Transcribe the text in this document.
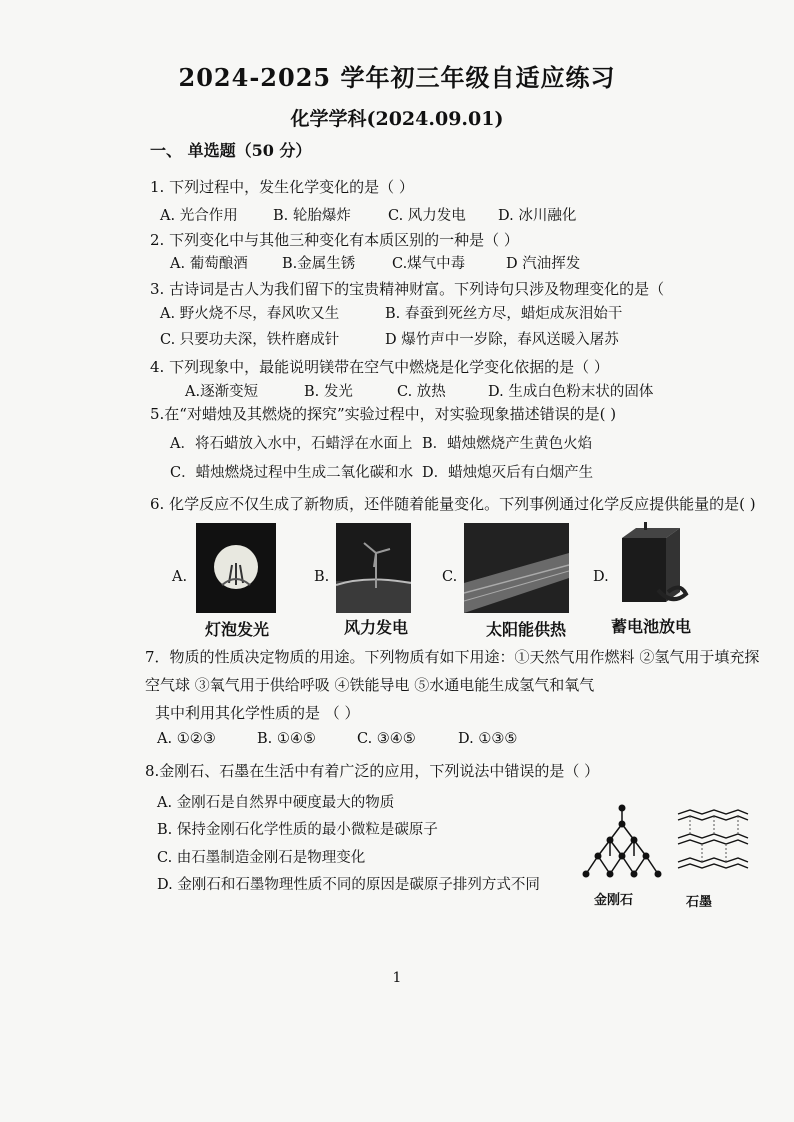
2024-2025 学年初三年级自适应练习
化学学科(2024.09.01)
一、 单选题（50 分）
1. 下列过程中，发生化学变化的是（ ）
A. 光合作用 B. 轮胎爆炸	C. 风力发电 D. 冰川融化
2. 下列变化中与其他三种变化有本质区别的一种是（ ）
A. 葡萄酿酒 B.金属生锈	C.煤气中毒	D 汽油挥发
3. 古诗词是古人为我们留下的宝贵精神财富。下列诗句只涉及物理变化的是（
A. 野火烧不尽，春风吹又生	B. 春蚕到死丝方尽，蜡炬成灰泪始干
C. 只要功夫深，铁杵磨成针	D 爆竹声中一岁除，春风送暖入屠苏
4. 下列现象中，最能说明镁带在空气中燃烧是化学变化依据的是（ ）
A.逐渐变短	B. 发光	C. 放热	D. 生成白色粉末状的固体
5.在“对蜡烛及其燃烧的探究”实验过程中，对实验现象描述错误的是( )
A．将石蜡放入水中，石蜡浮在水面上 B．蜡烛燃烧产生黄色火焰
C．蜡烛燃烧过程中生成二氧化碳和水 D．蜡烛熄灭后有白烟产生
6. 化学反应不仅生成了新物质，还伴随着能量变化。下列事例通过化学反应提供能量的是( )
A.	B.	C.	D.
灯泡发光	风力发电	太阳能供热	蓄电池放电
7．物质的性质决定物质的用途。下列物质有如下用途：①天然气用作燃料 ②氢气用于填充探
空气球 ③氧气用于供给呼吸 ④铁能导电 ⑤水通电能生成氢气和氧气
其中利用其化学性质的是 （ ）
A. ①②③	B. ①④⑤	C. ③④⑤	D. ①③⑤
8.金刚石、石墨在生活中有着广泛的应用，下列说法中错误的是（ ）
A. 金刚石是自然界中硬度最大的物质
B. 保持金刚石化学性质的最小微粒是碳原子
C. 由石墨制造金刚石是物理变化
D. 金刚石和石墨物理性质不同的原因是碳原子排列方式不同
金刚石	石墨
1
